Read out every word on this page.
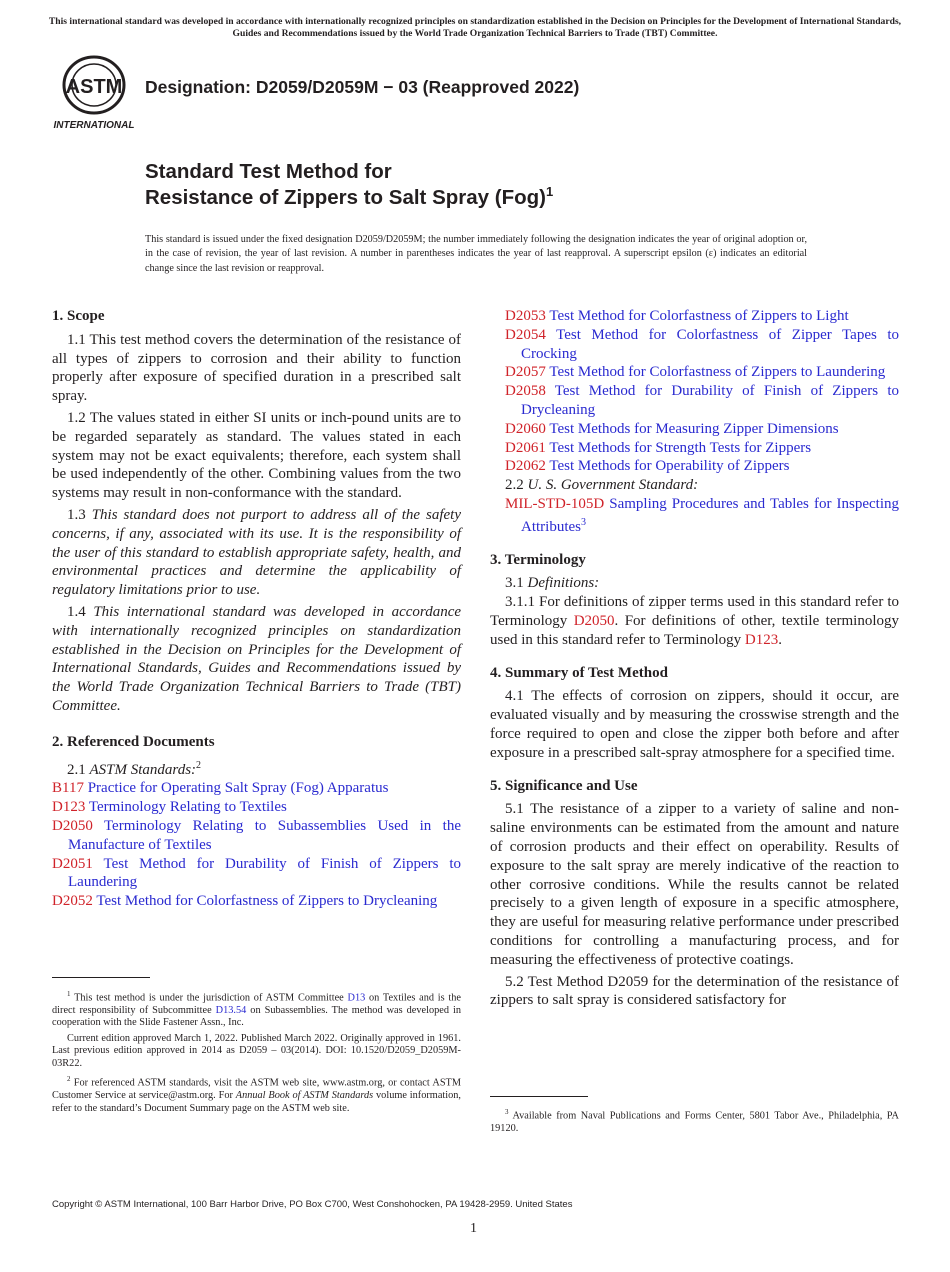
This international standard was developed in accordance with internationally recognized principles on standardization established in the Decision on Principles for the Development of International Standards, Guides and Recommendations issued by the World Trade Organization Technical Barriers to Trade (TBT) Committee.
ASTM
INTERNATIONAL
Designation: D2059/D2059M − 03 (Reapproved 2022)
Standard Test Method for
Resistance of Zippers to Salt Spray (Fog)$^1$
This standard is issued under the fixed designation D2059/D2059M; the number immediately following the designation indicates the year of original adoption or, in the case of revision, the year of last revision. A number in parentheses indicates the year of last reapproval. A superscript epsilon (ε) indicates an editorial change since the last revision or reapproval.
1. Scope

1.1 This test method covers the determination of the resistance of all types of zippers to corrosion and their ability to function properly after exposure of specified duration in a prescribed salt spray.

1.2 The values stated in either SI units or inch-pound units are to be regarded separately as standard. The values stated in each system may not be exact equivalents; therefore, each system shall be used independently of the other. Combining values from the two systems may result in non-conformance with the standard.

1.3 This standard does not purport to address all of the safety concerns, if any, associated with its use. It is the responsibility of the user of this standard to establish appropriate safety, health, and environmental practices and determine the applicability of regulatory limitations prior to use.

1.4 This international standard was developed in accordance with internationally recognized principles on standardization established in the Decision on Principles for the Development of International Standards, Guides and Recommendations issued by the World Trade Organization Technical Barriers to Trade (TBT) Committee.

2. Referenced Documents
2.1 ASTM Standards:$^2$
B117 Practice for Operating Salt Spray (Fog) Apparatus
D123 Terminology Relating to Textiles
D2050 Terminology Relating to Subassemblies Used in the Manufacture of Textiles
D2051 Test Method for Durability of Finish of Zippers to Laundering
D2052 Test Method for Colorfastness of Zippers to Drycleaning

$^1$ This test method is under the jurisdiction of ASTM Committee D13 on Textiles and is the direct responsibility of Subcommittee D13.54 on Subassemblies. The method was developed in cooperation with the Slide Fastener Assn., Inc.

Current edition approved March 1, 2022. Published March 2022. Originally approved in 1961. Last previous edition approved in 2014 as D2059 – 03(2014). DOI: 10.1520/D2059_D2059M-03R22.

$^2$ For referenced ASTM standards, visit the ASTM web site, www.astm.org, or contact ASTM Customer Service at service@astm.org. For Annual Book of ASTM Standards volume information, refer to the standard’s Document Summary page on the ASTM web site.

D2053 Test Method for Colorfastness of Zippers to Light
D2054 Test Method for Colorfastness of Zipper Tapes to Crocking
D2057 Test Method for Colorfastness of Zippers to Laundering
D2058 Test Method for Durability of Finish of Zippers to Drycleaning
D2060 Test Methods for Measuring Zipper Dimensions
D2061 Test Methods for Strength Tests for Zippers
D2062 Test Methods for Operability of Zippers
2.2 U. S. Government Standard:
MIL-STD-105D Sampling Procedures and Tables for Inspecting Attributes$^3$
3. Terminology
3.1 Definitions:

3.1.1 For definitions of zipper terms used in this standard refer to Terminology D2050. For definitions of other, textile terminology used in this standard refer to Terminology D123.

4. Summary of Test Method

4.1 The effects of corrosion on zippers, should it occur, are evaluated visually and by measuring the crosswise strength and the force required to open and close the zipper both before and after exposure in a prescribed salt-spray atmosphere for a specified time.

5. Significance and Use

5.1 The resistance of a zipper to a variety of saline and non-saline environments can be estimated from the amount and nature of corrosion products and their effect on operability. Results of exposure to the salt spray are merely indicative of the reaction to other corrosive conditions. While the results cannot be related precisely to a given length of exposure in a specific atmosphere, they are useful for measuring relative performance under prescribed conditions for controlling a manufacturing process, and for measuring the effectiveness of protective coatings.

5.2 Test Method D2059 for the determination of the resistance of zippers to salt spray is considered satisfactory for

$^3$ Available from Naval Publications and Forms Center, 5801 Tabor Ave., Philadelphia, PA 19120.

Copyright © ASTM International, 100 Barr Harbor Drive, PO Box C700, West Conshohocken, PA 19428-2959. United States
1
